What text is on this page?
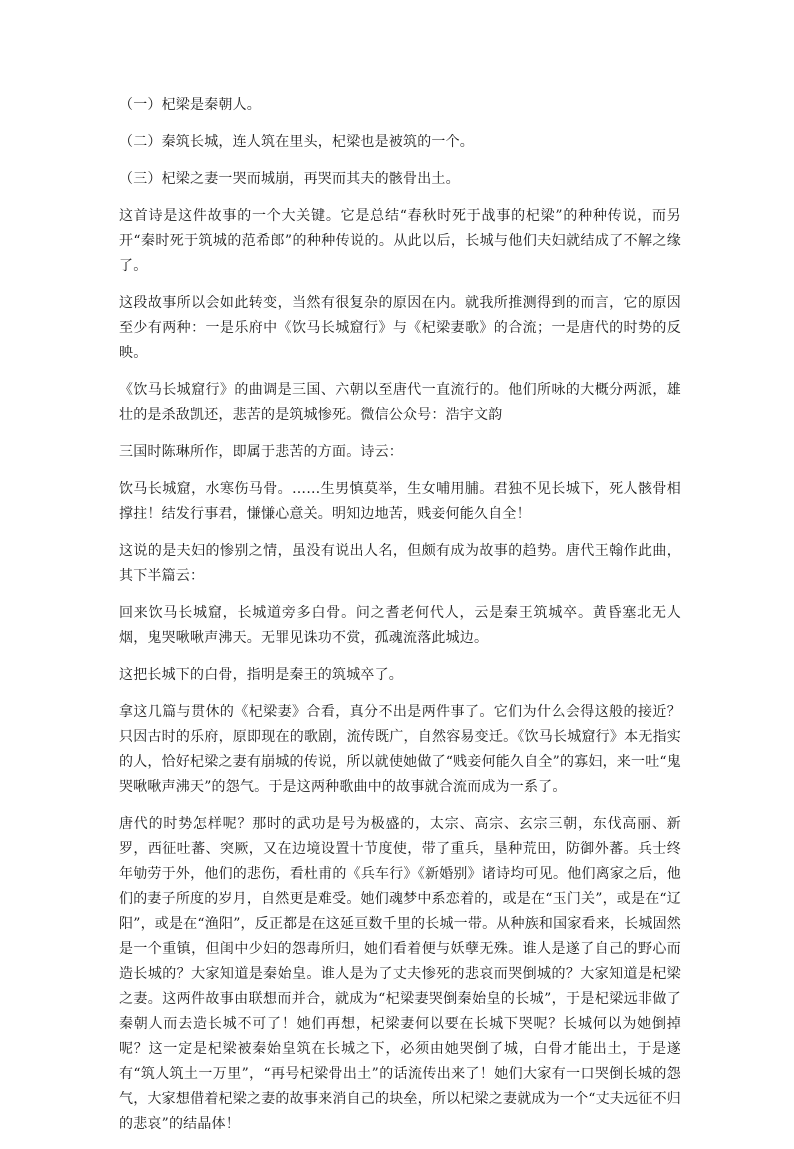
（一）杞梁是秦朝人。

（二）秦筑长城，连人筑在里头，杞梁也是被筑的一个。

（三）杞梁之妻一哭而城崩，再哭而其夫的骸骨出土。

这首诗是这件故事的一个大关键。它是总结“春秋时死于战事的杞梁”的种种传说，而另开“秦时死于筑城的范希郎”的种种传说的。从此以后，长城与他们夫妇就结成了不解之缘了。

这段故事所以会如此转变，当然有很复杂的原因在内。就我所推测得到的而言，它的原因至少有两种：一是乐府中《饮马长城窟行》与《杞梁妻歌》的合流；一是唐代的时势的反映。

《饮马长城窟行》的曲调是三国、六朝以至唐代一直流行的。他们所咏的大概分两派，雄壮的是杀敌凯还，悲苦的是筑城惨死。微信公众号：浩宇文韵

三国时陈琳所作，即属于悲苦的方面。诗云：

饮马长城窟，水寒伤马骨。……生男慎莫举，生女哺用脯。君独不见长城下，死人骸骨相撑拄！结发行事君，慊慊心意关。明知边地苦，贱妾何能久自全！

这说的是夫妇的惨别之情，虽没有说出人名，但颇有成为故事的趋势。唐代王翰作此曲，其下半篇云：

回来饮马长城窟，长城道旁多白骨。问之耆老何代人，云是秦王筑城卒。黄昏塞北无人烟，鬼哭啾啾声沸天。无罪见诛功不赏，孤魂流落此城边。

这把长城下的白骨，指明是秦王的筑城卒了。

拿这几篇与贯休的《杞梁妻》合看，真分不出是两件事了。它们为什么会得这般的接近？只因古时的乐府，原即现在的歌剧，流传既广，自然容易变迁。《饮马长城窟行》本无指实的人，恰好杞梁之妻有崩城的传说，所以就使她做了“贱妾何能久自全”的寡妇，来一吐“鬼哭啾啾声沸天”的怨气。于是这两种歌曲中的故事就合流而成为一系了。

唐代的时势怎样呢？那时的武功是号为极盛的，太宗、高宗、玄宗三朝，东伐高丽、新罗，西征吐蕃、突厥，又在边境设置十节度使，带了重兵，垦种荒田，防御外蕃。兵士终年劬劳于外，他们的悲伤，看杜甫的《兵车行》《新婚别》诸诗均可见。他们离家之后，他们的妻子所度的岁月，自然更是难受。她们魂梦中系恋着的，或是在“玉门关”，或是在“辽阳”，或是在“渔阳”，反正都是在这延亘数千里的长城一带。从种族和国家看来，长城固然是一个重镇，但闺中少妇的怨毒所归，她们看着便与妖孽无殊。谁人是遂了自己的野心而造长城的？大家知道是秦始皇。谁人是为了丈夫惨死的悲哀而哭倒城的？大家知道是杞梁之妻。这两件故事由联想而并合，就成为“杞梁妻哭倒秦始皇的长城”，于是杞梁远非做了秦朝人而去造长城不可了！她们再想，杞梁妻何以要在长城下哭呢？长城何以为她倒掉呢？这一定是杞梁被秦始皇筑在长城之下，必须由她哭倒了城，白骨才能出土，于是遂有“筑人筑土一万里”，“再号杞梁骨出土”的话流传出来了！她们大家有一口哭倒长城的怨气，大家想借着杞梁之妻的故事来消自己的块垒，所以杞梁之妻就成为一个“丈夫远征不归的悲哀”的结晶体！
